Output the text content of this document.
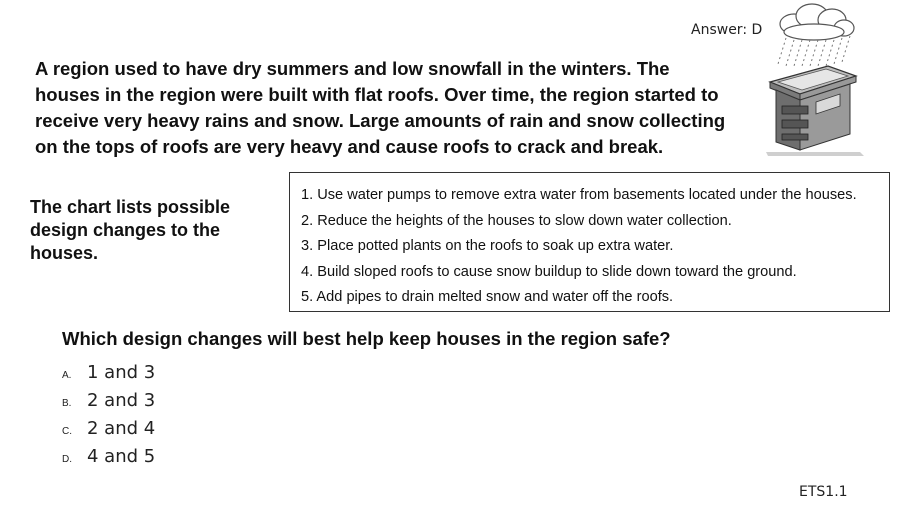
Answer: D
A region used to have dry summers and low snowfall in the winters. The houses in the region were built with flat roofs. Over time, the region started to receive very heavy rains and snow. Large amounts of rain and snow collecting on the tops of roofs are very heavy and cause roofs to crack and break.
The chart lists possible design changes to the houses.
1. Use water pumps to remove extra water from basements located under the houses.
2. Reduce the heights of the houses to slow down water collection.
3. Place potted plants on the roofs to soak up extra water.
4. Build sloped roofs to cause snow buildup to slide down toward the ground.
5. Add pipes to drain melted snow and water off the roofs.
Which design changes will best help keep houses in the region safe?
A. 1 and 3
B. 2 and 3
C. 2 and 4
D. 4 and 5
ETS1.1
